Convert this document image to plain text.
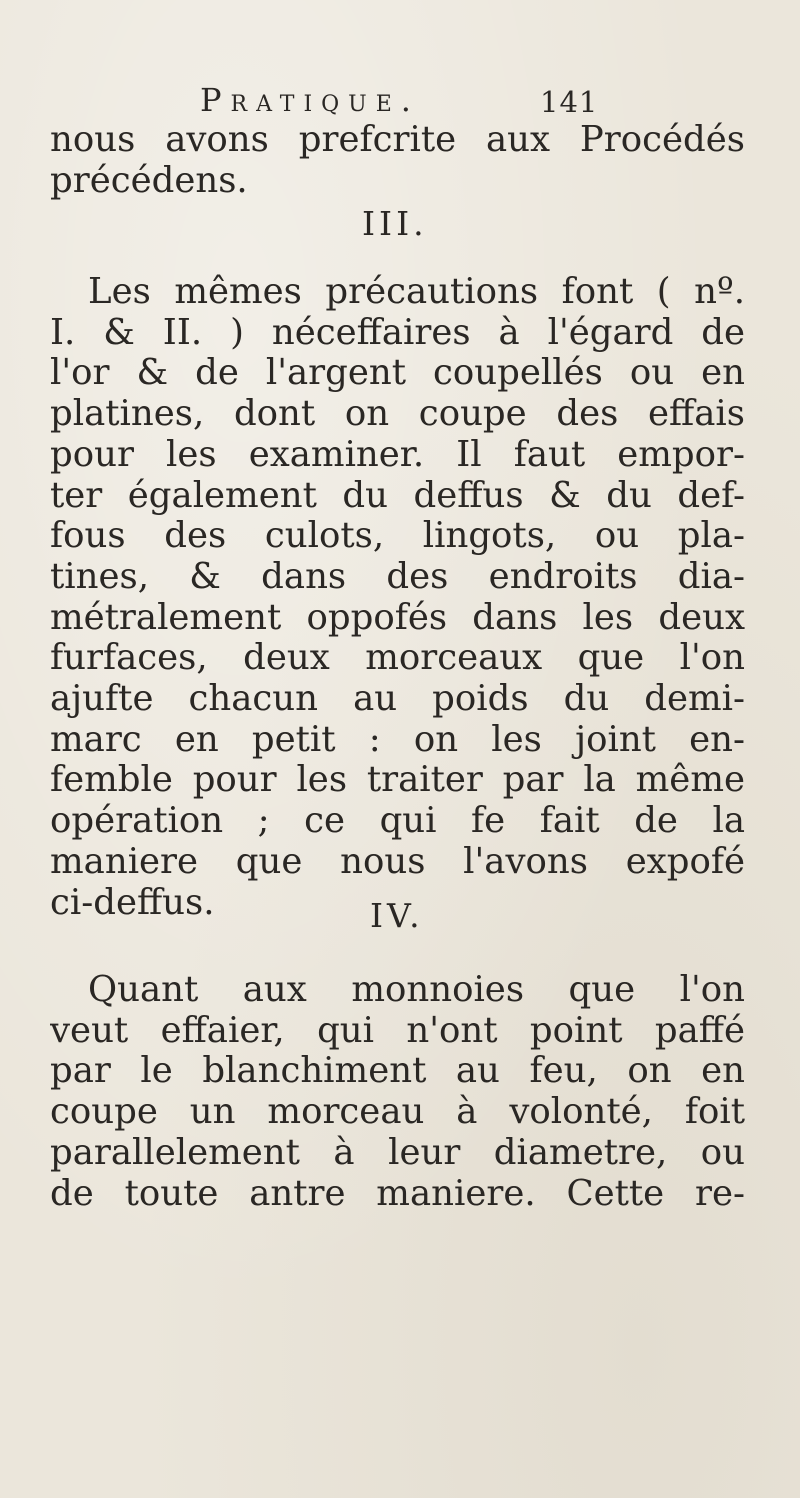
Pratique.	141
nous avons prefcrite aux Procédés
précédens.
III.
Les mêmes précautions font ( nº.
I. & II. ) néceffaires à l'égard de
l'or & de l'argent coupellés ou en
platines, dont on coupe des effais
pour les examiner. Il faut empor-
ter également du deffus & du def-
fous des culots, lingots, ou pla-
tines, & dans des endroits dia-
métralement oppofés dans les deux
furfaces, deux morceaux que l'on
ajufte chacun au poids du demi-
marc en petit : on les joint en-
femble pour les traiter par la même
opération ; ce qui fe fait de la
maniere que nous l'avons expofé
ci-deffus.	IV.
Quant aux monnoies que l'on
veut effaier, qui n'ont point paffé
par le blanchiment au feu, on en
coupe un morceau à volonté, foit
parallelement à leur diametre, ou
de toute antre maniere. Cette re-
